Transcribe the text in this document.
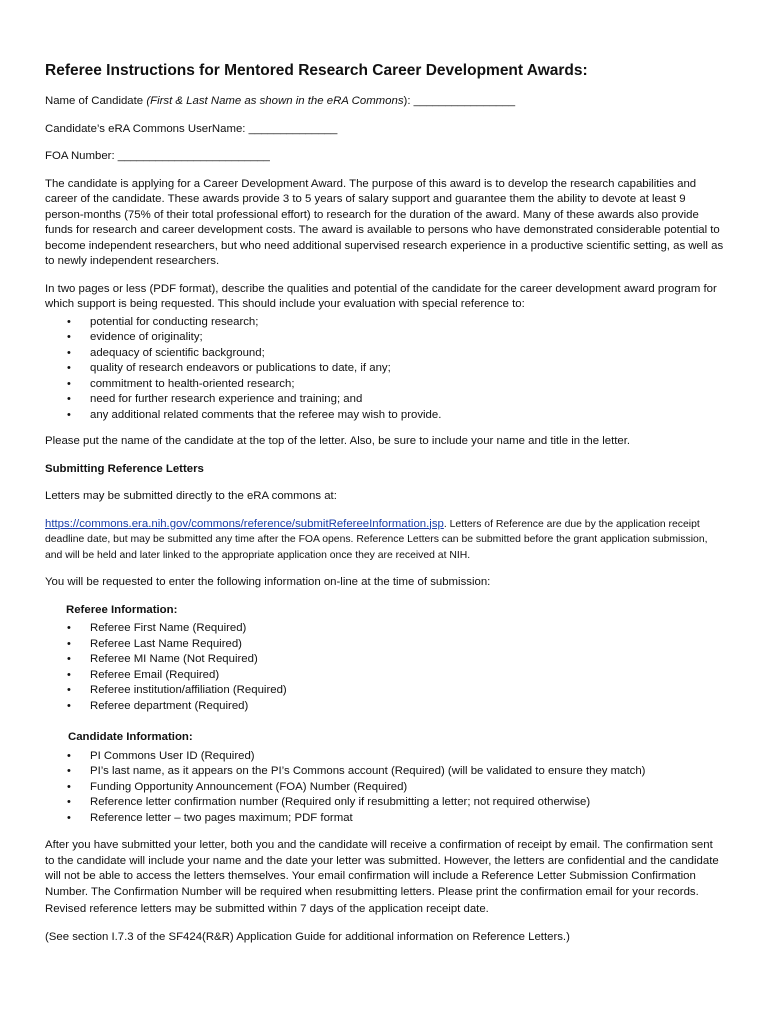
Referee Instructions for Mentored Research Career Development Awards:

Name of Candidate (First & Last Name as shown in the eRA Commons): ________________

Candidate’s eRA Commons UserName: ______________

FOA Number: ________________________

The candidate is applying for a Career Development Award. The purpose of this award is to develop the research capabilities and career of the candidate. These awards provide 3 to 5 years of salary support and guarantee them the ability to devote at least 9 person-months (75% of their total professional effort) to research for the duration of the award. Many of these awards also provide funds for research and career development costs. The award is available to persons who have demonstrated considerable potential to become independent researchers, but who need additional supervised research experience in a productive scientific setting, as well as to newly independent researchers.

In two pages or less (PDF format), describe the qualities and potential of the candidate for the career development award program for which support is being requested. This should include your evaluation with special reference to:

• potential for conducting research;
• evidence of originality;
• adequacy of scientific background;
• quality of research endeavors or publications to date, if any;
• commitment to health-oriented research;
• need for further research experience and training; and
• any additional related comments that the referee may wish to provide.

Please put the name of the candidate at the top of the letter. Also, be sure to include your name and title in the letter.

Submitting Reference Letters

Letters may be submitted directly to the eRA commons at:

https://commons.era.nih.gov/commons/reference/submitRefereeInformation.jsp. Letters of Reference are due by the application receipt deadline date, but may be submitted any time after the FOA opens. Reference Letters can be submitted before the grant application submission, and will be held and later linked to the appropriate application once they are received at NIH.

You will be requested to enter the following information on-line at the time of submission:

Referee Information:

• Referee First Name (Required)
• Referee Last Name Required)
• Referee MI Name (Not Required)
• Referee Email (Required)
• Referee institution/affiliation (Required)
• Referee department (Required)

Candidate Information:

• PI Commons User ID (Required)
• PI’s last name, as it appears on the PI’s Commons account (Required) (will be validated to ensure they match)
• Funding Opportunity Announcement (FOA) Number (Required)
• Reference letter confirmation number (Required only if resubmitting a letter; not required otherwise)
• Reference letter – two pages maximum; PDF format

After you have submitted your letter, both you and the candidate will receive a confirmation of receipt by email. The confirmation sent to the candidate will include your name and the date your letter was submitted. However, the letters are confidential and the candidate will not be able to access the letters themselves. Your email confirmation will include a Reference Letter Submission Confirmation Number. The Confirmation Number will be required when resubmitting letters. Please print the confirmation email for your records.

Revised reference letters may be submitted within 7 days of the application receipt date.

(See section I.7.3 of the SF424(R&R) Application Guide for additional information on Reference Letters.)
